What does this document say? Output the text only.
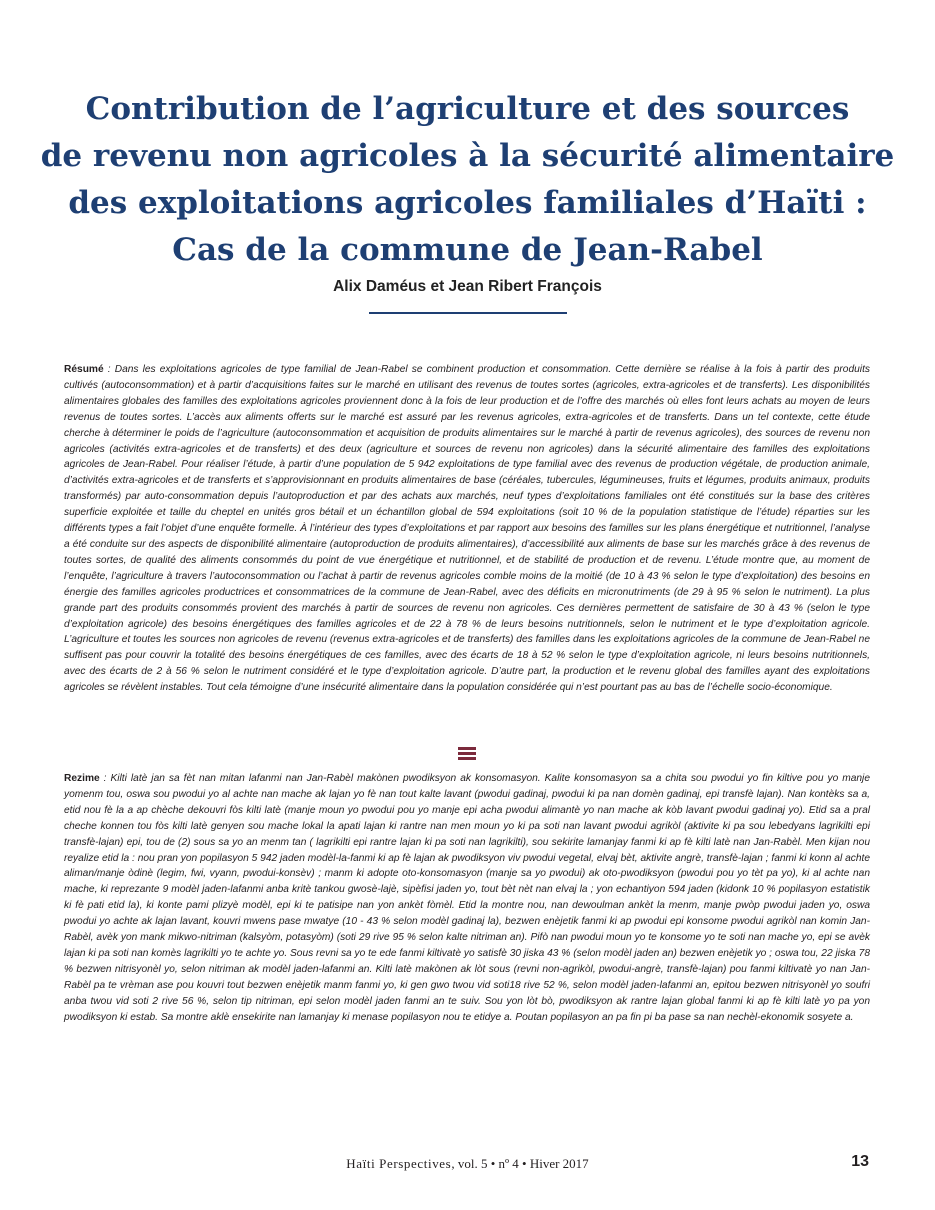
Contribution de l’agriculture et des sources
de revenu non agricoles à la sécurité alimentaire
des exploitations agricoles familiales d’Haïti :
Cas de la commune de Jean-Rabel
Alix Daméus et Jean Ribert François

Résumé : Dans les exploitations agricoles de type familial de Jean-Rabel se combinent production et consommation. Cette dernière se réalise à la fois à partir des produits cultivés (autoconsommation) et à partir d’acquisitions faites sur le marché en utilisant des revenus de toutes sortes (agricoles, extra-agricoles et de transferts). Les disponibilités alimentaires globales des familles des exploitations agricoles proviennent donc à la fois de leur production et de l’offre des marchés où elles font leurs achats au moyen de leurs revenus de toutes sortes. L’accès aux aliments offerts sur le marché est assuré par les revenus agricoles, extra-agricoles et de transferts. Dans un tel contexte, cette étude cherche à déterminer le poids de l’agriculture (autoconsommation et acquisition de produits alimentaires sur le marché à partir de revenus agricoles), des sources de revenu non agricoles (activités extra-agricoles et de transferts) et des deux (agriculture et sources de revenu non agricoles) dans la sécurité alimentaire des familles des exploitations agricoles de Jean-Rabel. Pour réaliser l’étude, à partir d’une population de 5 942 exploitations de type familial avec des revenus de production végétale, de production animale, d’activités extra-agricoles et de transferts et s’approvisionnant en produits alimentaires de base (céréales, tubercules, légumineuses, fruits et légumes, produits animaux, produits transformés) par auto-consommation depuis l’autoproduction et par des achats aux marchés, neuf types d’exploitations familiales ont été constitués sur la base des critères superficie exploitée et taille du cheptel en unités gros bétail et un échantillon global de 594 exploitations (soit 10 % de la population statistique de l’étude) réparties sur les différents types a fait l’objet d’une enquête formelle. À l’intérieur des types d’exploitations et par rapport aux besoins des familles sur les plans énergétique et nutritionnel, l’analyse a été conduite sur des aspects de disponibilité alimentaire (autoproduction de produits alimentaires), d’accessibilité aux aliments de base sur les marchés grâce à des revenus de toutes sortes, de qualité des aliments consommés du point de vue énergétique et nutritionnel, et de stabilité de production et de revenu. L’étude montre que, au moment de l’enquête, l’agriculture à travers l’autoconsommation ou l’achat à partir de revenus agricoles comble moins de la moitié (de 10 à 43 % selon le type d’exploitation) des besoins en énergie des familles agricoles productrices et consommatrices de la commune de Jean-Rabel, avec des déficits en micronutriments (de 29 à 95 % selon le nutriment). La plus grande part des produits consommés provient des marchés à partir de sources de revenu non agricoles. Ces dernières permettent de satisfaire de 30 à 43 % (selon le type d’exploitation agricole) des besoins énergétiques des familles agricoles et de 22 à 78 % de leurs besoins nutritionnels, selon le nutriment et le type d’exploitation agricole. L’agriculture et toutes les sources non agricoles de revenu (revenus extra-agricoles et de transferts) des familles dans les exploitations agricoles de la commune de Jean-Rabel ne suffisent pas pour couvrir la totalité des besoins énergétiques de ces familles, avec des écarts de 18 à 52 % selon le type d’exploitation agricole, ni leurs besoins nutritionnels, avec des écarts de 2 à 56 % selon le nutriment considéré et le type d’exploitation agricole. D’autre part, la production et le revenu global des familles ayant des exploitations agricoles se révèlent instables. Tout cela témoigne d’une insécurité alimentaire dans la population considérée qui n’est pourtant pas au bas de l’échelle socio-économique.

Rezime : Kilti latè jan sa fèt nan mitan lafanmi nan Jan-Rabèl makònen pwodiksyon ak konsomasyon. Kalite konsomasyon sa a chita sou pwodui yo fin kiltive pou yo manje yomenm tou, oswa sou pwodui yo al achte nan mache ak lajan yo fè nan tout kalte lavant (pwodui gadinaj, pwodui ki pa nan domèn gadinaj, epi transfè lajan). Nan kontèks sa a, etid nou fè la a ap chèche dekouvri fòs kilti latè (manje moun yo pwodui pou yo manje epi acha pwodui alimantè yo nan mache ak kòb lavant pwodui gadinaj yo). Etid sa a pral cheche konnen tou fòs kilti latè genyen sou mache lokal la apati lajan ki rantre nan men moun yo ki pa soti nan lavant pwodui agrikòl (aktivite ki pa sou lebedyans lagrikilti epi transfè-lajan) epi, tou de (2) sous sa yo an menm tan ( lagrikilti epi rantre lajan ki pa soti nan lagrikilti), sou sekirite lamanjay fanmi ki ap fè kilti latè nan Jan-Rabèl. Men kijan nou reyalize etid la : nou pran yon popilasyon 5 942 jaden modèl-la-fanmi ki ap fè lajan ak pwodiksyon viv pwodui vegetal, elvaj bèt, aktivite angrè, transfè-lajan ; fanmi ki konn al achte aliman/manje òdinè (legim, fwi, vyann, pwodui-konsèv) ; manm ki adopte oto-konsomasyon (manje sa yo pwodui) ak oto-pwodiksyon (pwodui pou yo tèt pa yo), ki al achte nan mache, ki reprezante 9 modèl jaden-lafanmi anba kritè tankou gwosè-lajè, sipèfisi jaden yo, tout bèt nèt nan elvaj la ; yon echantiyon 594 jaden (kidonk 10 % popilasyon estatistik ki fè pati etid la), ki konte pami plizyè modèl, epi ki te patisipe nan yon ankèt fòmèl. Etid la montre nou, nan dewoulman ankèt la menm, manje pwòp pwodui jaden yo, oswa pwodui yo achte ak lajan lavant, kouvri mwens pase mwatye (10 - 43 % selon modèl gadinaj la), bezwen enèjetik fanmi ki ap pwodui epi konsome pwodui agrikòl nan komin Jan-Rabèl, avèk yon mank mikwo-nitriman (kalsyòm, potasyòm) (soti 29 rive 95 % selon kalte nitriman an). Pifò nan pwodui moun yo te konsome yo te soti nan mache yo, epi se avèk lajan ki pa soti nan komès lagrikilti yo te achte yo. Sous revni sa yo te ede fanmi kiltivatè yo satisfè 30 jiska 43 % (selon modèl jaden an) bezwen enèjetik yo ; oswa tou, 22 jiska 78 % bezwen nitrisyonèl yo, selon nitriman ak modèl jaden-lafanmi an. Kilti latè makònen ak lòt sous (revni non-agrikòl, pwodui-angrè, transfè-lajan) pou fanmi kiltivatè yo nan Jan-Rabèl pa te vrèman ase pou kouvri tout bezwen enèjetik manm fanmi yo, ki gen gwo twou vid soti18 rive 52 %, selon modèl jaden-lafanmi an, epitou bezwen nitrisyonèl yo soufri anba twou vid soti 2 rive 56 %, selon tip nitriman, epi selon modèl jaden fanmi an te suiv. Sou yon lòt bò, pwodiksyon ak rantre lajan global fanmi ki ap fè kilti latè yo pa yon pwodiksyon ki estab. Sa montre aklè ensekirite nan lamanjay ki menase popilasyon nou te etidye a. Poutan popilasyon an pa fin pi ba pase sa nan nechèl-ekonomik sosyete a.

Haïti Perspectives, vol. 5 • nº 4 • Hiver 2017	13
